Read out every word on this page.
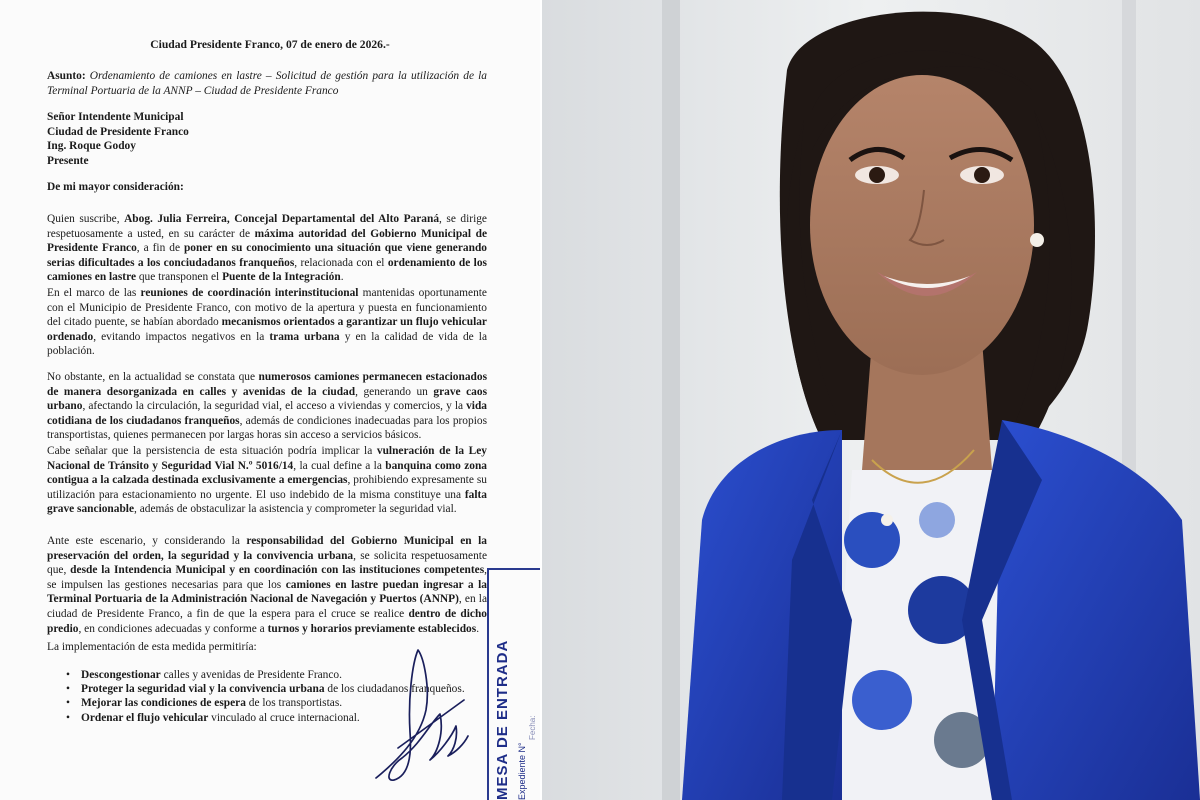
Ciudad Presidente Franco, 07 de enero de 2026.-
Asunto: Ordenamiento de camiones en lastre – Solicitud de gestión para la utilización de la Terminal Portuaria de la ANNP – Ciudad de Presidente Franco
Señor Intendente Municipal
Ciudad de Presidente Franco
Ing. Roque Godoy
Presente
De mi mayor consideración:
Quien suscribe, Abog. Julia Ferreira, Concejal Departamental del Alto Paraná, se dirige respetuosamente a usted, en su carácter de máxima autoridad del Gobierno Municipal de Presidente Franco, a fin de poner en su conocimiento una situación que viene generando serias dificultades a los conciudadanos franqueños, relacionada con el ordenamiento de los camiones en lastre que transponen el Puente de la Integración.
En el marco de las reuniones de coordinación interinstitucional mantenidas oportunamente con el Municipio de Presidente Franco, con motivo de la apertura y puesta en funcionamiento del citado puente, se habían abordado mecanismos orientados a garantizar un flujo vehicular ordenado, evitando impactos negativos en la trama urbana y en la calidad de vida de la población.
No obstante, en la actualidad se constata que numerosos camiones permanecen estacionados de manera desorganizada en calles y avenidas de la ciudad, generando un grave caos urbano, afectando la circulación, la seguridad vial, el acceso a viviendas y comercios, y la vida cotidiana de los ciudadanos franqueños, además de condiciones inadecuadas para los propios transportistas, quienes permanecen por largas horas sin acceso a servicios básicos.
Cabe señalar que la persistencia de esta situación podría implicar la vulneración de la Ley Nacional de Tránsito y Seguridad Vial N.º 5016/14, la cual define a la banquina como zona contigua a la calzada destinada exclusivamente a emergencias, prohibiendo expresamente su utilización para estacionamiento no urgente. El uso indebido de la misma constituye una falta grave sancionable, además de obstaculizar la asistencia y comprometer la seguridad vial.
Ante este escenario, y considerando la responsabilidad del Gobierno Municipal en la preservación del orden, la seguridad y la convivencia urbana, se solicita respetuosamente que, desde la Intendencia Municipal y en coordinación con las instituciones competentes, se impulsen las gestiones necesarias para que los camiones en lastre puedan ingresar a la Terminal Portuaria de la Administración Nacional de Navegación y Puertos (ANNP), en la ciudad de Presidente Franco, a fin de que la espera para el cruce se realice dentro de dicho predio, en condiciones adecuadas y conforme a turnos y horarios previamente establecidos.
La implementación de esta medida permitiría:
• Descongestionar calles y avenidas de Presidente Franco.
• Proteger la seguridad vial y la convivencia urbana de los ciudadanos franqueños.
• Mejorar las condiciones de espera de los transportistas.
• Ordenar el flujo vehicular vinculado al cruce internacional.	MESA DE ENTRADA Expediente N°
Fecha:
